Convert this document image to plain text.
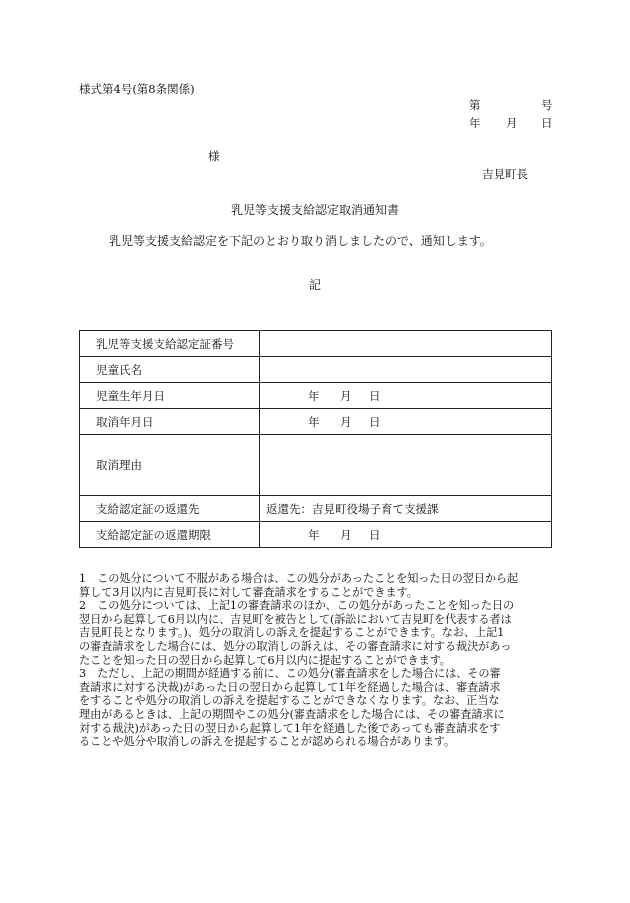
様式第4号(第8条関係)
第	号
年 月 日
様
吉見町長
乳児等支援支給認定取消通知書
乳児等支援支給認定を下記のとおり取り消しましたので、通知します。
記
乳児等支援支給認定証番号	
児童氏名	
児童生年月日	年 月 日

取消年月日	年 月 日

取消理由	
支給認定証の返還先	返還先：吉見町役場子育て支援課
支給認定証の返還期限	年 月 日

1　この処分について不服がある場合は、この処分があったことを知った日の翌日から起

算して3月以内に吉見町長に対して審査請求をすることができます。

2　この処分については、上記1の審査請求のほか、この処分があったことを知った日の

翌日から起算して6月以内に、吉見町を被告として(訴訟において吉見町を代表する者は

吉見町長となります。)、処分の取消しの訴えを提起することができます。なお、上記1

の審査請求をした場合には、処分の取消しの訴えは、その審査請求に対する裁決があっ

たことを知った日の翌日から起算して6月以内に提起することができます。

3　ただし、上記の期間が経過する前に、この処分(審査請求をした場合には、その審

査請求に対する決裁)があった日の翌日から起算して1年を経過した場合は、審査請求

をすることや処分の取消しの訴えを提起することができなくなります。なお、正当な

理由があるときは、上記の期間やこの処分(審査請求をした場合には、その審査請求に

対する裁決)があった日の翌日から起算して1年を経過した後であっても審査請求をす

ることや処分や取消しの訴えを提起することが認められる場合があります。
